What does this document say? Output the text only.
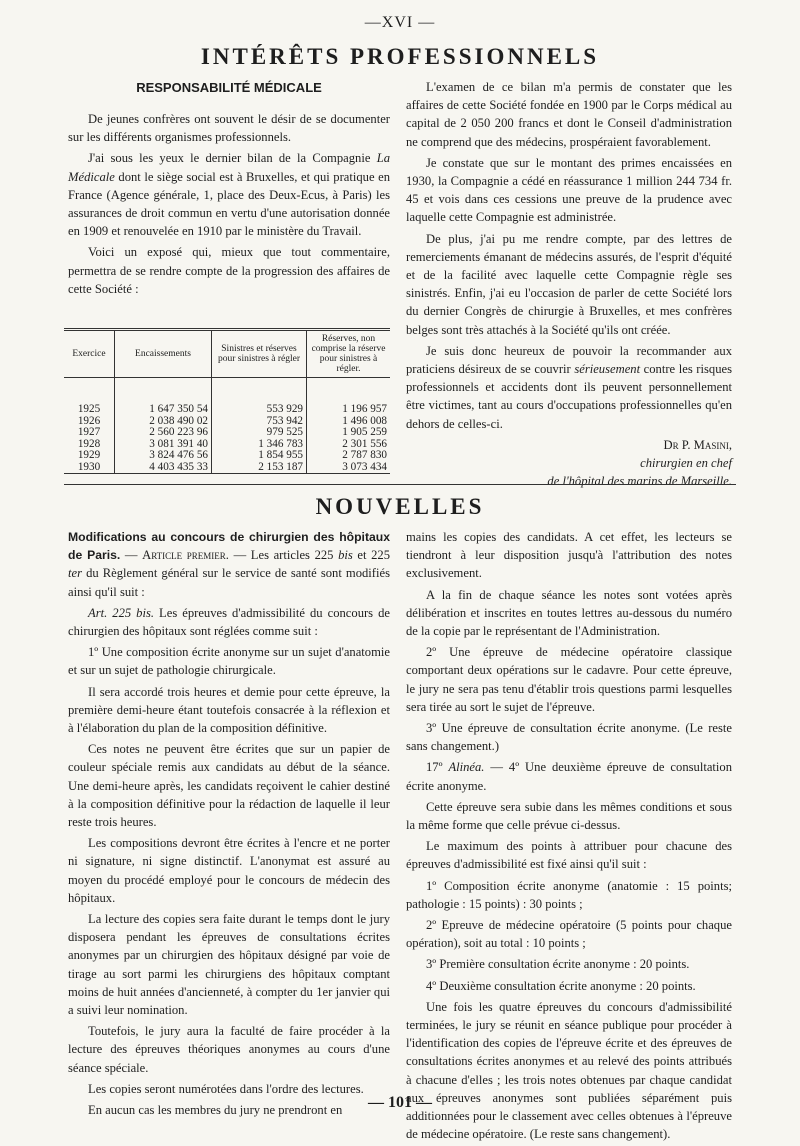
—XVI —
INTÉRÊTS PROFESSIONNELS
RESPONSABILITÉ MÉDICALE

De jeunes confrères ont souvent le désir de se documenter sur les différents organismes professionnels.

J'ai sous les yeux le dernier bilan de la Compagnie La Médicale dont le siège social est à Bruxelles, et qui pratique en France (Agence générale, 1, place des Deux-Ecus, à Paris) les assurances de droit commun en vertu d'une autorisation donnée en 1909 et renouvelée en 1910 par le ministère du Travail.

Voici un exposé qui, mieux que tout commentaire, permettra de se rendre compte de la progression des affaires de cette Société :

Exercice	Encaissements	Sinistres et réserves pour sinistres à régler	Réserves, non comprise la réserve pour sinistres à régler.

1925	1 647 350 54	553 929	1 196 957
1926	2 038 490 02	753 942	1 496 008
1927	2 560 223 96	979 525	1 905 259
1928	3 081 391 40	1 346 783	2 301 556
1929	3 824 476 56	1 854 955	2 787 830
1930	4 403 435 33	2 153 187	3 073 434

L'examen de ce bilan m'a permis de constater que les affaires de cette Société fondée en 1900 par le Corps médical au capital de 2 050 200 francs et dont le Conseil d'administration ne comprend que des médecins, prospéraient favorablement.

Je constate que sur le montant des primes encaissées en 1930, la Compagnie a cédé en réassurance 1 million 244 734 fr. 45 et vois dans ces cessions une preuve de la prudence avec laquelle cette Compagnie est administrée.

De plus, j'ai pu me rendre compte, par des lettres de remerciements émanant de médecins assurés, de l'esprit d'équité et de la facilité avec laquelle cette Compagnie règle ses sinistrés. Enfin, j'ai eu l'occasion de parler de cette Société lors du dernier Congrès de chirurgie à Bruxelles, et mes confrères belges sont très attachés à la Société qu'ils ont créée.

Je suis donc heureux de pouvoir la recommander aux praticiens désireux de se couvrir sérieusement contre les risques professionnels et accidents dont ils peuvent personnellement être victimes, tant au cours d'occupations professionnelles qu'en dehors de celles-ci.

Dr P. Masini,

chirurgien en chef

de l'hôpital des marins de Marseille.

NOUVELLES

Modifications au concours de chirurgien des hôpitaux de Paris. — Article premier. — Les articles 225 bis et 225 ter du Règlement général sur le service de santé sont modifiés ainsi qu'il suit :

Art. 225 bis. Les épreuves d'admissibilité du concours de chirurgien des hôpitaux sont réglées comme suit :

1º Une composition écrite anonyme sur un sujet d'anatomie et sur un sujet de pathologie chirurgicale.

Il sera accordé trois heures et demie pour cette épreuve, la première demi-heure étant toutefois consacrée à la réflexion et à l'élaboration du plan de la composition définitive.

Ces notes ne peuvent être écrites que sur un papier de couleur spéciale remis aux candidats au début de la séance. Une demi-heure après, les candidats reçoivent le cahier destiné à la composition définitive pour la rédaction de laquelle il leur reste trois heures.

Les compositions devront être écrites à l'encre et ne porter ni signature, ni signe distinctif. L'anonymat est assuré au moyen du procédé employé pour le concours de médecin des hôpitaux.

La lecture des copies sera faite durant le temps dont le jury disposera pendant les épreuves de consultations écrites anonymes par un chirurgien des hôpitaux désigné par voie de tirage au sort parmi les chirurgiens des hôpitaux comptant moins de huit années d'ancienneté, à compter du 1er janvier qui a suivi leur nomination.

Toutefois, le jury aura la faculté de faire procéder à la lecture des épreuves théoriques anonymes au cours d'une séance spéciale.

Les copies seront numérotées dans l'ordre des lectures.

En aucun cas les membres du jury ne prendront en

mains les copies des candidats. A cet effet, les lecteurs se tiendront à leur disposition jusqu'à l'attribution des notes exclusivement.

A la fin de chaque séance les notes sont votées après délibération et inscrites en toutes lettres au-dessous du numéro de la copie par le représentant de l'Administration.

2º Une épreuve de médecine opératoire classique comportant deux opérations sur le cadavre. Pour cette épreuve, le jury ne sera pas tenu d'établir trois questions parmi lesquelles sera tirée au sort le sujet de l'épreuve.

3º Une épreuve de consultation écrite anonyme. (Le reste sans changement.)

17º Alinéa. — 4º Une deuxième épreuve de consultation écrite anonyme.

Cette épreuve sera subie dans les mêmes conditions et sous la même forme que celle prévue ci-dessus.

Le maximum des points à attribuer pour chacune des épreuves d'admissibilité est fixé ainsi qu'il suit :

1º Composition écrite anonyme (anatomie : 15 points; pathologie : 15 points) : 30 points ;

2º Epreuve de médecine opératoire (5 points pour chaque opération), soit au total : 10 points ;

3º Première consultation écrite anonyme : 20 points.

4º Deuxième consultation écrite anonyme : 20 points.

Une fois les quatre épreuves du concours d'admissibilité terminées, le jury se réunit en séance publique pour procéder à l'identification des copies de l'épreuve écrite et des épreuves de consultations écrites anonymes et au relevé des points attribués à chacune d'elles ; les trois notes obtenues par chaque candidat aux épreuves anonymes sont publiées séparément puis additionnées pour le classement avec celles obtenues à l'épreuve de médecine opératoire. (Le reste sans changement).

— 101 —
